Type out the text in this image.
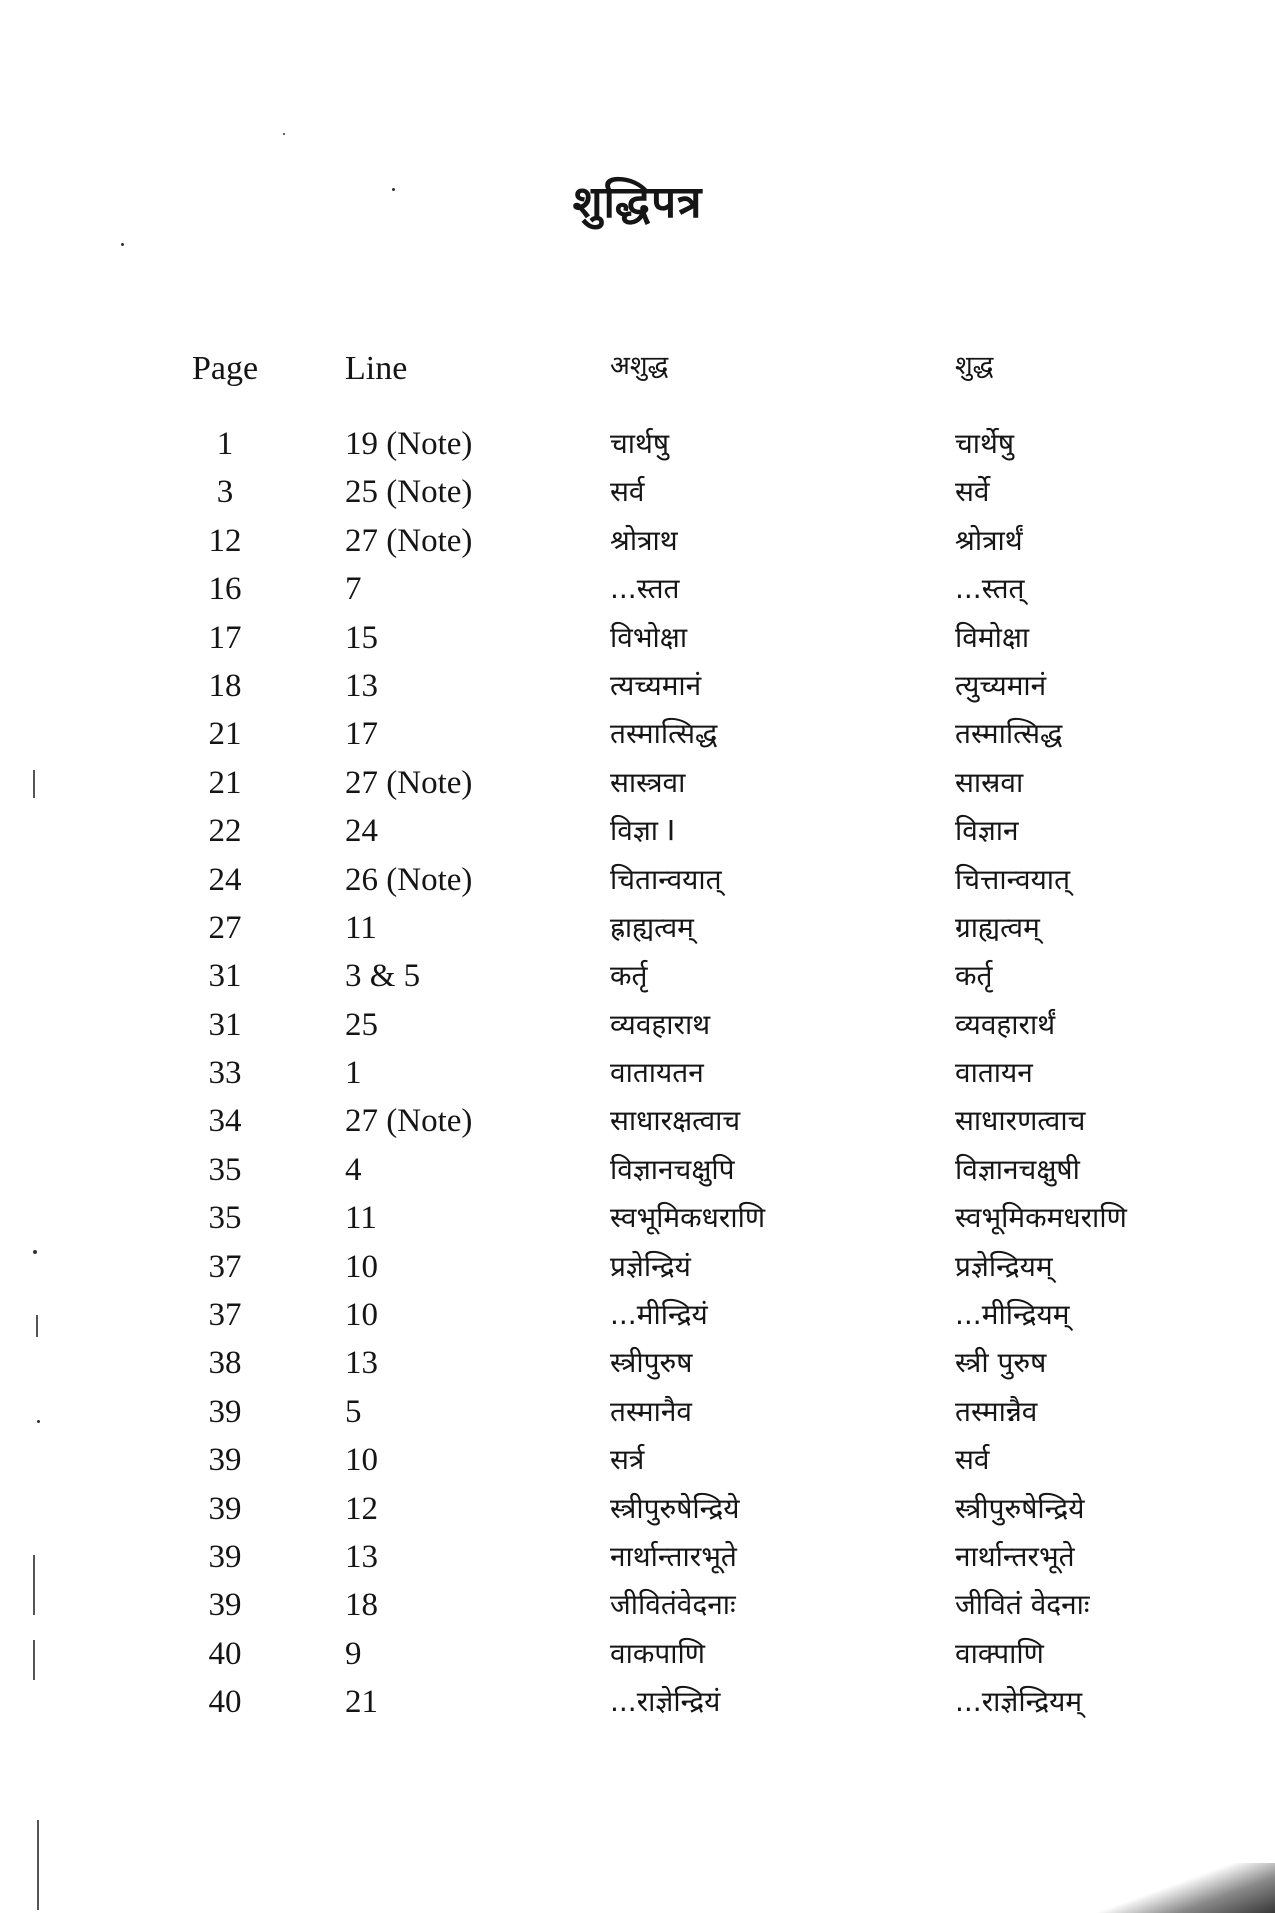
शुद्धिपत्र
Page	Line	अशुद्ध	शुद्ध
1	19 (Note)	चार्थषु	चार्थेषु
3	25 (Note)	सर्व	सर्वे
12	27 (Note)	श्रोत्राथ	श्रोत्रार्थं
16	7	...स्तत	...स्तत्
17	15	विभोक्षा	विमोक्षा
18	13	त्यच्यमानं	त्युच्यमानं
21	17	तस्मात्सिद्ध	तस्मात्सिद्ध
21	27 (Note)	सास्त्रवा	सास्रवा
22	24	विज्ञा I	विज्ञान
24	26 (Note)	चितान्वयात्	चित्तान्वयात्
27	11	ह्राह्यत्वम्	ग्राह्यत्वम्
31	3 & 5	कर्तृ	कर्तृ
31	25	व्यवहाराथ	व्यवहारार्थं
33	1	वातायतन	वातायन
34	27 (Note)	साधारक्षत्वाच	साधारणत्वाच
35	4	विज्ञानचक्षुपि	विज्ञानचक्षुषी
35	11	स्वभूमिकधराणि	स्वभूमिकमधराणि
37	10	प्रज्ञेन्द्रियं	प्रज्ञेन्द्रियम्
37	10	...मीन्द्रियं	...मीन्द्रियम्
38	13	स्त्रीपुरुष	स्त्री पुरुष
39	5	तस्मानैव	तस्मान्नैव
39	10	सर्त्र	सर्व
39	12	स्त्रीपुरुषेन्द्रिये	स्त्रीपुरुषेन्द्रिये
39	13	नार्थान्तारभूते	नार्थान्तरभूते
39	18	जीवितंवेदनाः	जीवितं वेदनाः
40	9	वाकपाणि	वाक्पाणि
40	21	...राज्ञेन्द्रियं	...राज्ञेन्द्रियम्
